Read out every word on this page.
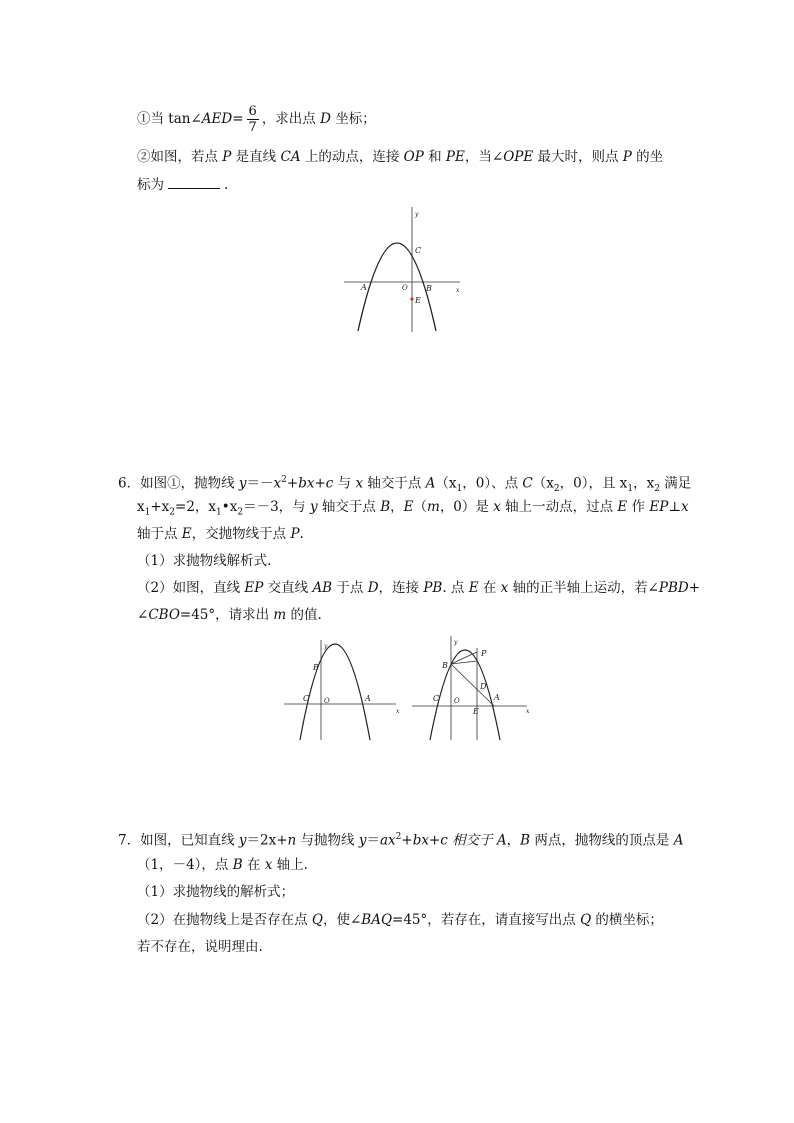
①当 tan∠AED= $\frac{6}{7}$ ，求出点 D 坐标；
②如图，若点 P 是直线 CA 上的动点，连接 OP 和 PE，当∠OPE 最大时，则点 P 的坐
标为	.
y
x
C
A	O B
E
6．如图①，抛物线 $y=-x^2+bx+c$ 与 x 轴交于点 $A(x_1$，0）、点 $C(x_2$，0），且 $x_1$，$x_2$ 满足
$x_1+x_2=2$，$x_1•x_2=-3$，与 y 轴交于点 B，E（m，0）是 x 轴上一动点，过点 E 作 EP⊥x
轴于点 E，交抛物线于点 P.
（1）求抛物线解析式.
（2）如图，直线 EP 交直线 AB 于点 D，连接 PB. 点 E 在 x 轴的正半轴上运动，若∠PBD+
∠CBO=45°，请求出 m 的值.
y
x
B
C O	A
y
x
B
P
C O
D
A
E
7．如图，已知直线 y＝2x+n 与抛物线 $y=ax^2+bx+c$ 相交于 A，B 两点，抛物线的顶点是 A
（1，－4），点 B 在 x 轴上.
（1）求抛物线的解析式；
（2）在抛物线上是否存在点 Q，使∠BAQ=45°，若存在，请直接写出点 Q 的横坐标；
若不存在，说明理由.
